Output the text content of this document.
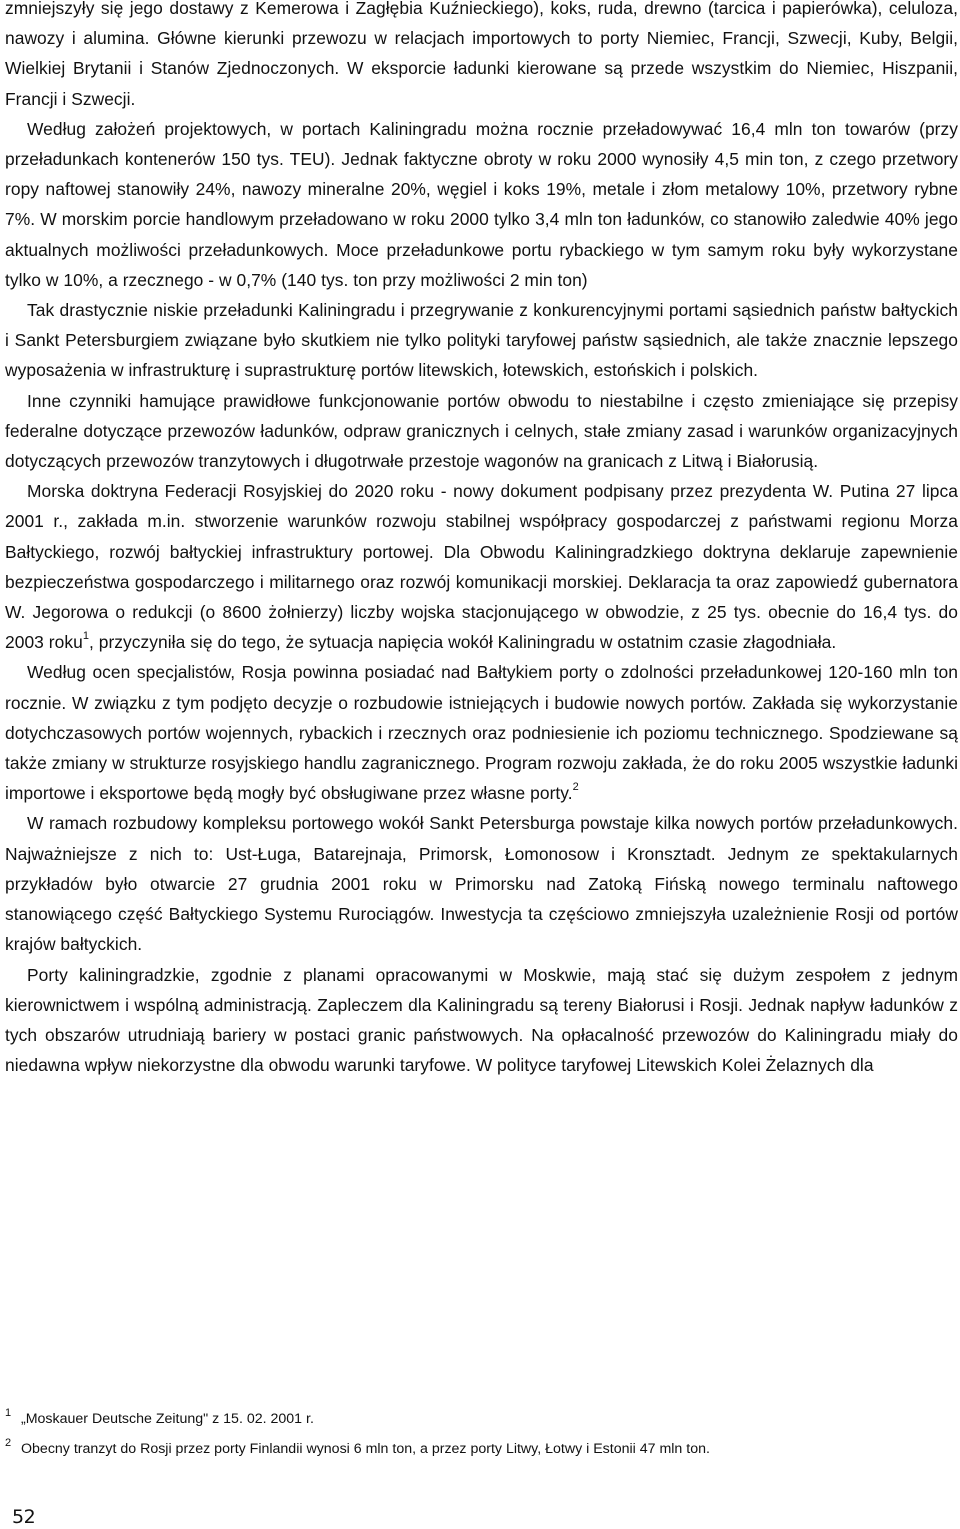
zmniejszyły się jego dostawy z Kemerowa i Zagłębia Kuźnieckiego), koks, ruda, drewno (tarcica i papierówka), celuloza, nawozy i alumina. Główne kierunki przewozu w relacjach importowych to porty Niemiec, Francji, Szwecji, Kuby, Belgii, Wielkiej Brytanii i Stanów Zjednoczonych. W eksporcie ładunki kierowane są przede wszystkim do Niemiec, Hiszpanii, Francji i Szwecji.

Według założeń projektowych, w portach Kaliningradu można rocznie przeładowywać 16,4 mln ton towarów (przy przeładunkach kontenerów 150 tys. TEU). Jednak faktyczne obroty w roku 2000 wynosiły 4,5 min ton, z czego przetwory ropy naftowej stanowiły 24%, nawozy mineralne 20%, węgiel i koks 19%, metale i złom metalowy 10%, przetwory rybne 7%. W morskim porcie handlowym przeładowano w roku 2000 tylko 3,4 mln ton ładunków, co stanowiło zaledwie 40% jego aktualnych możliwości przeładunkowych. Moce przeładunkowe portu rybackiego w tym samym roku były wykorzystane tylko w 10%, a rzecznego - w 0,7% (140 tys. ton przy możliwości 2 min ton)

Tak drastycznie niskie przeładunki Kaliningradu i przegrywanie z konkurencyjnymi portami sąsiednich państw bałtyckich i Sankt Petersburgiem związane było skutkiem nie tylko polityki taryfowej państw sąsiednich, ale także znacznie lepszego wyposażenia w infrastrukturę i suprastrukturę portów litewskich, łotewskich, estońskich i polskich.

Inne czynniki hamujące prawidłowe funkcjonowanie portów obwodu to niestabilne i często zmieniające się przepisy federalne dotyczące przewozów ładunków, odpraw granicznych i celnych, stałe zmiany zasad i warunków organizacyjnych dotyczących przewozów tranzytowych i długotrwałe przestoje wagonów na granicach z Litwą i Białorusią.

Morska doktryna Federacji Rosyjskiej do 2020 roku - nowy dokument podpisany przez prezydenta W. Putina 27 lipca 2001 r., zakłada m.in. stworzenie warunków rozwoju stabilnej współpracy gospodarczej z państwami regionu Morza Bałtyckiego, rozwój bałtyckiej infrastruktury portowej. Dla Obwodu Kaliningradzkiego doktryna deklaruje zapewnienie bezpieczeństwa gospodarczego i militarnego oraz rozwój komunikacji morskiej. Deklaracja ta oraz zapowiedź gubernatora W. Jegorowa o redukcji (o 8600 żołnierzy) liczby wojska stacjonującego w obwodzie, z 25 tys. obecnie do 16,4 tys. do 2003 roku$^1$, przyczyniła się do tego, że sytuacja napięcia wokół Kaliningradu w ostatnim czasie złagodniała.

Według ocen specjalistów, Rosja powinna posiadać nad Bałtykiem porty o zdolności przeładunkowej 120-160 mln ton rocznie. W związku z tym podjęto decyzje o rozbudowie istniejących i budowie nowych portów. Zakłada się wykorzystanie dotychczasowych portów wojennych, rybackich i rzecznych oraz podniesienie ich poziomu technicznego. Spodziewane są także zmiany w strukturze rosyjskiego handlu zagranicznego. Program rozwoju zakłada, że do roku 2005 wszystkie ładunki importowe i eksportowe będą mogły być obsługiwane przez własne porty.$^2$

W ramach rozbudowy kompleksu portowego wokół Sankt Petersburga powstaje kilka nowych portów przeładunkowych. Najważniejsze z nich to: Ust-Ługa, Batarejnaja, Primorsk, Łomonosow i Kronsztadt. Jednym ze spektakularnych przykładów było otwarcie 27 grudnia 2001 roku w Primorsku nad Zatoką Fińską nowego terminalu naftowego stanowiącego część Bałtyckiego Systemu Rurociągów. Inwestycja ta częściowo zmniejszyła uzależnienie Rosji od portów krajów bałtyckich.

Porty kaliningradzkie, zgodnie z planami opracowanymi w Moskwie, mają stać się dużym zespołem z jednym kierownictwem i wspólną administracją. Zapleczem dla Kaliningradu są tereny Białorusi i Rosji. Jednak napływ ładunków z tych obszarów utrudniają bariery w postaci granic państwowych. Na opłacalność przewozów do Kaliningradu miały do niedawna wpływ niekorzystne dla obwodu warunki taryfowe. W polityce taryfowej Litewskich Kolei Żelaznych dla

1 „Moskauer Deutsche Zeitung" z 15. 02. 2001 r.

2 Obecny tranzyt do Rosji przez porty Finlandii wynosi 6 mln ton, a przez porty Litwy, Łotwy i Estonii 47 mln ton.

52
